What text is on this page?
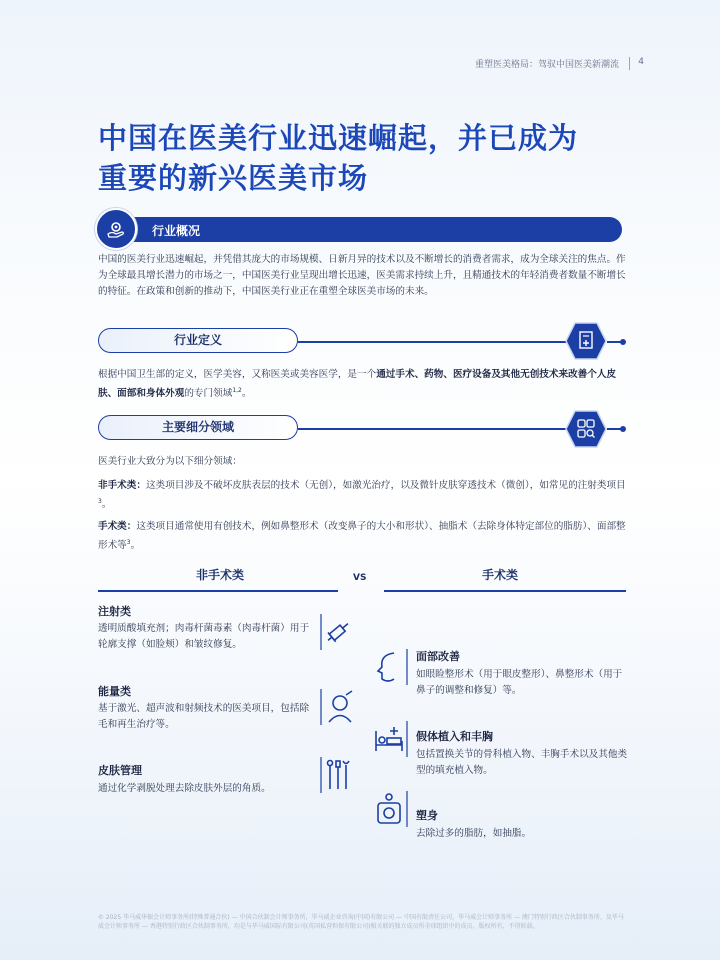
重塑医美格局：驾驭中国医美新潮流 4
中国在医美行业迅速崛起，并已成为
重要的新兴医美市场
行业概况

中国的医美行业迅速崛起，并凭借其庞大的市场规模、日新月异的技术以及不断增长的消费者需求，成为全球关注的焦点。作为全球最具增长潜力的市场之一，中国医美行业呈现出增长迅速，医美需求持续上升，且精通技术的年轻消费者数量不断增长的特征。在政策和创新的推动下，中国医美行业正在重塑全球医美市场的未来。

行业定义

根据中国卫生部的定义，医学美容，又称医美或美容医学，是一个通过手术、药物、医疗设备及其他无创技术来改善个人皮肤、面部和身体外观的专门领域$^{1,2}$。

主要细分领域

医美行业大致分为以下细分领域：

非手术类：这类项目涉及不破坏皮肤表层的技术（无创），如激光治疗，以及微针皮肤穿透技术（微创），如常见的注射类项目$^3$。

手术类：这类项目通常使用有创技术，例如鼻整形术（改变鼻子的大小和形状）、抽脂术（去除身体特定部位的脂肪）、面部整形术等$^3$。

非手术类	VS	手术类
注射类
透明质酸填充剂；肉毒杆菌毒素（肉毒杆菌）用于轮廓支撑（如脸颊）和皱纹修复。
能量类
基于激光、超声波和射频技术的医美项目，包括除毛和再生治疗等。
皮肤管理
通过化学剥脱处理去除皮肤外层的角质。
面部改善
如眼睑整形术（用于眼皮整形）、鼻整形术（用于鼻子的调整和修复）等。
假体植入和丰胸
包括置换关节的骨科植入物、丰胸手术以及其他类型的填充植入物。
塑身
去除过多的脂肪，如抽脂。

© 2025 毕马威华振会计师事务所(特殊普通合伙) — 中国合伙制会计师事务所，毕马威企业咨询(中国)有限公司 — 中国有限责任公司，毕马威会计师事务所 — 澳门特别行政区合伙制事务所，及毕马威会计师事务所 — 香港特别行政区合伙制事务所，均是与毕马威国际有限公司(英国私营担保有限公司)相关联的独立成员所全球组织中的成员。版权所有，不得转载。
